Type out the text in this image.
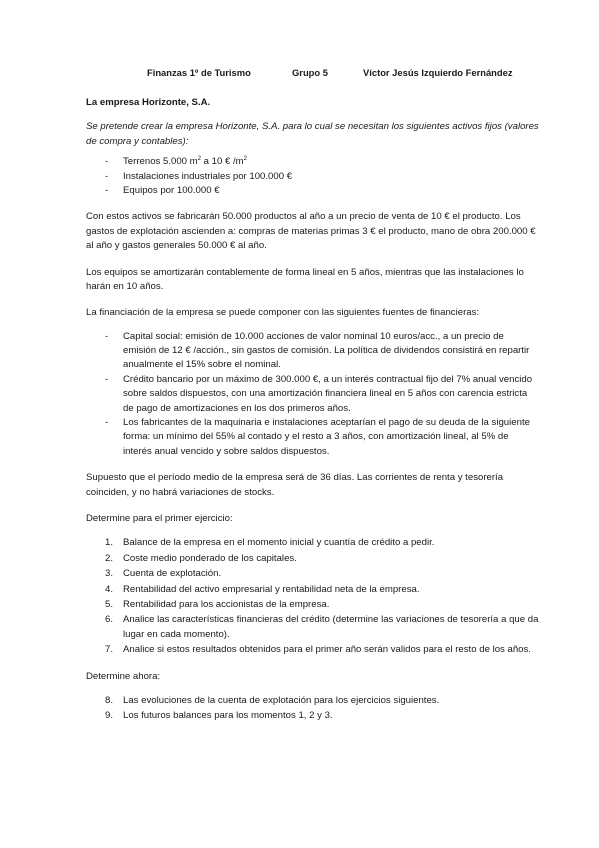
Finanzas 1º de Turismo	Grupo 5	Víctor Jesús Izquierdo Fernández

La empresa Horizonte, S.A.

Se pretende crear la empresa Horizonte, S.A. para lo cual se necesitan los siguientes activos fijos (valores de compra y contables):

- Terrenos 5.000 $m^2$ a 10 € $/m^2$
- Instalaciones industriales por 100.000 €
- Equipos por 100.000 €

Con estos activos se fabricarán 50.000 productos al año a un precio de venta de 10 € el producto. Los gastos de explotación ascienden a: compras de materias primas 3 € el producto, mano de obra 200.000 € al año y gastos generales 50.000 € al año.

Los equipos se amortizarán contablemente de forma lineal en 5 años, mientras que las instalaciones lo harán en 10 años.

La financiación de la empresa se puede componer con las siguientes fuentes de financieras:

- Capital social: emisión de 10.000 acciones de valor nominal 10 euros/acc., a un precio de emisión de 12 € /acción., sin gastos de comisión. La política de dividendos consistirá en repartir anualmente el 15% sobre el nominal.
- Crédito bancario por un máximo de 300.000 €, a un interés contractual fijo del 7% anual vencido sobre saldos dispuestos, con una amortización financiera lineal en 5 años con carencia estricta de pago de amortizaciones en los dos primeros años.
- Los fabricantes de la maquinaria e instalaciones aceptarían el pago de su deuda de la siguiente forma: un mínimo del 55% al contado y el resto a 3 años, con amortización lineal, al 5% de interés anual vencido y sobre saldos dispuestos.

Supuesto que el período medio de la empresa será de 36 días. Las corrientes de renta y tesorería coinciden, y no habrá variaciones de stocks.

Determine para el primer ejercicio:

1. Balance de la empresa en el momento inicial y cuantía de crédito a pedir.
2. Coste medio ponderado de los capitales.
3. Cuenta de explotación.
4. Rentabilidad del activo empresarial y rentabilidad neta de la empresa.
5. Rentabilidad para los accionistas de la empresa.
6. Analice las características financieras del crédito (determine las variaciones de tesorería a que da lugar en cada momento).
7. Analice si estos resultados obtenidos para el primer año serán validos para el resto de los años.

Determine ahora:

8. Las evoluciones de la cuenta de explotación para los ejercicios siguientes.
9. Los futuros balances para los momentos 1, 2 y 3.
